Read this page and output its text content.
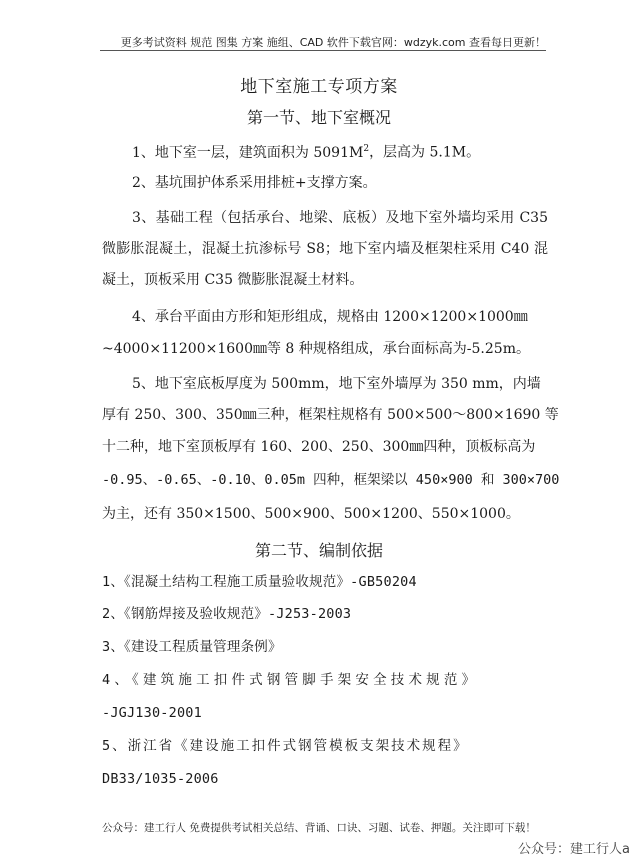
更多考试资料 规范 图集 方案 施组、CAD 软件下载官网：wdzyk.com 查看每日更新！
地下室施工专项方案
第一节、地下室概况

1、地下室一层，建筑面积为 $5091M^2$，层高为 5.1M。

2、基坑围护体系采用排桩+支撑方案。

3、基础工程（包括承台、地梁、底板）及地下室外墙均采用 C35 微膨胀混凝土，混凝土抗渗标号 S8；地下室内墙及框架柱采用 C40 混凝土，顶板采用 C35 微膨胀混凝土材料。

4、承台平面由方形和矩形组成，规格由 1200×1200×1000㎜

~4000×11200×1600㎜等 8 种规格组成，承台面标高为-5.25m。

5、地下室底板厚度为 500mm，地下室外墙厚为 350 mm，内墙

厚有 250、300、350㎜三种，框架柱规格有 500×500～800×1690 等

十二种，地下室顶板厚有 160、200、250、300㎜四种，顶板标高为

-0.95、-0.65、-0.10、0.05m 四种，框架梁以 450×900 和 300×700

为主，还有 350×1500、500×900、500×1200、550×1000。

第二节、编制依据

1、《混凝土结构工程施工质量验收规范》-GB50204

2、《钢筋焊接及验收规范》-J253-2003

3、《建设工程质量管理条例》

4、《建筑施工扣件式钢管脚手架安全技术规范》

-JGJ130-2001

5、浙江省《建设施工扣件式钢管模板支架技术规程》

DB33/1035-2006

公众号：建工行人 免费提供考试相关总结、背诵、口诀、习题、试卷、押题。关注即可下载！
公众号：建工行人a
